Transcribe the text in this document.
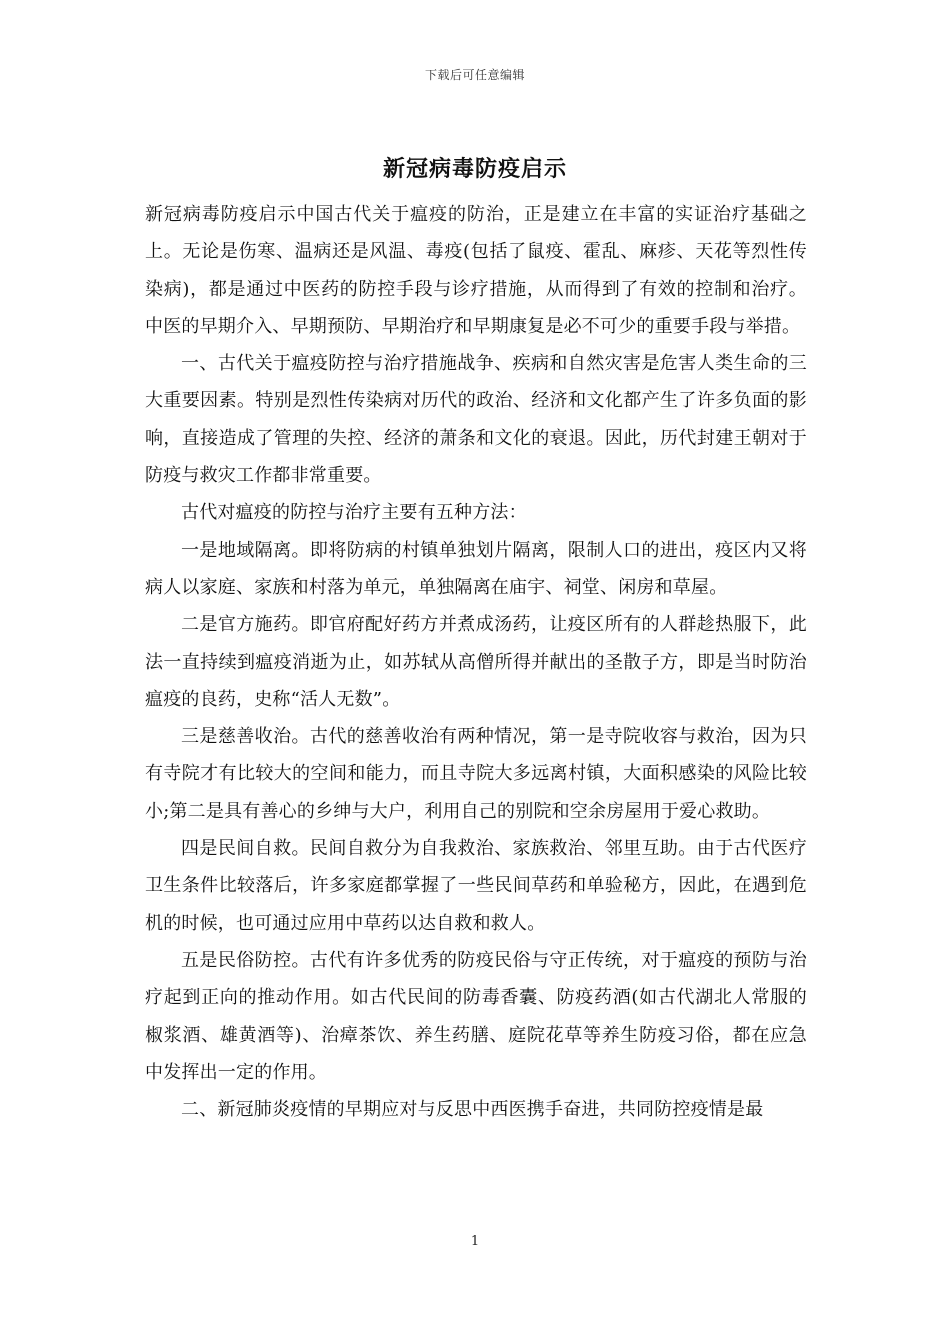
下载后可任意编辑
新冠病毒防疫启示

新冠病毒防疫启示中国古代关于瘟疫的防治，正是建立在丰富的实证治疗基础之上。无论是伤寒、温病还是风温、毒疫(包括了鼠疫、霍乱、麻疹、天花等烈性传染病)，都是通过中医药的防控手段与诊疗措施，从而得到了有效的控制和治疗。中医的早期介入、早期预防、早期治疗和早期康复是必不可少的重要手段与举措。

一、古代关于瘟疫防控与治疗措施战争、疾病和自然灾害是危害人类生命的三大重要因素。特别是烈性传染病对历代的政治、经济和文化都产生了许多负面的影响，直接造成了管理的失控、经济的萧条和文化的衰退。因此，历代封建王朝对于防疫与救灾工作都非常重要。

古代对瘟疫的防控与治疗主要有五种方法：

一是地域隔离。即将防病的村镇单独划片隔离，限制人口的进出，疫区内又将病人以家庭、家族和村落为单元，单独隔离在庙宇、祠堂、闲房和草屋。

二是官方施药。即官府配好药方并煮成汤药，让疫区所有的人群趁热服下，此法一直持续到瘟疫消逝为止，如苏轼从高僧所得并献出的圣散子方，即是当时防治瘟疫的良药，史称“活人无数”。

三是慈善收治。古代的慈善收治有两种情况，第一是寺院收容与救治，因为只有寺院才有比较大的空间和能力，而且寺院大多远离村镇，大面积感染的风险比较小;第二是具有善心的乡绅与大户，利用自己的别院和空余房屋用于爱心救助。

四是民间自救。民间自救分为自我救治、家族救治、邻里互助。由于古代医疗卫生条件比较落后，许多家庭都掌握了一些民间草药和单验秘方，因此，在遇到危机的时候，也可通过应用中草药以达自救和救人。

五是民俗防控。古代有许多优秀的防疫民俗与守正传统，对于瘟疫的预防与治疗起到正向的推动作用。如古代民间的防毒香囊、防疫药酒(如古代湖北人常服的椒浆酒、雄黄酒等)、治瘴茶饮、养生药膳、庭院花草等养生防疫习俗，都在应急中发挥出一定的作用。

二、新冠肺炎疫情的早期应对与反思中西医携手奋进，共同防控疫情是最

1
